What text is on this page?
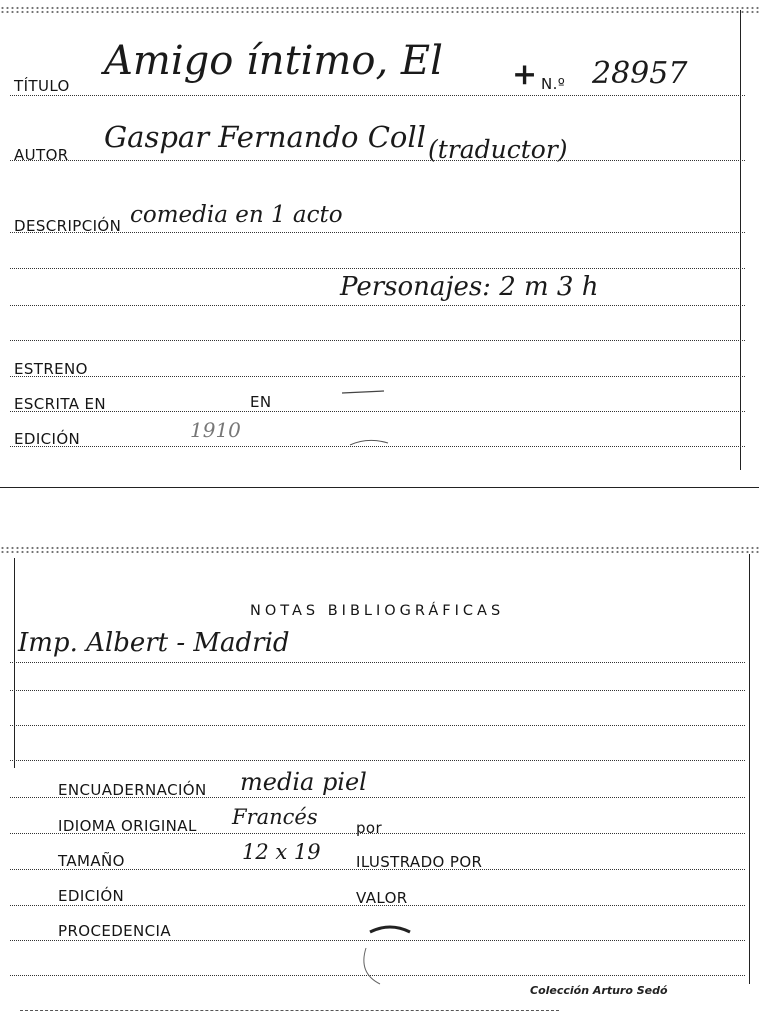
TÍTULO
Amigo íntimo, El + N.º 28957
AUTOR
Gaspar Fernando Coll (traductor)
DESCRIPCIÓN comedia en 1 acto
Personajes: 2 m 3 h
ESTRENO
ESCRITA EN	EN
EDICIÓN	1910
NOTAS BIBLIOGRÁFICAS
Imp. Albert - Madrid
ENCUADERNACIÓN media piel
IDIOMA ORIGINAL Francés	por
TAMAÑO	12 x 19 ILUSTRADO POR
EDICIÓN	VALOR
PROCEDENCIA
Colección Arturo Sedó
